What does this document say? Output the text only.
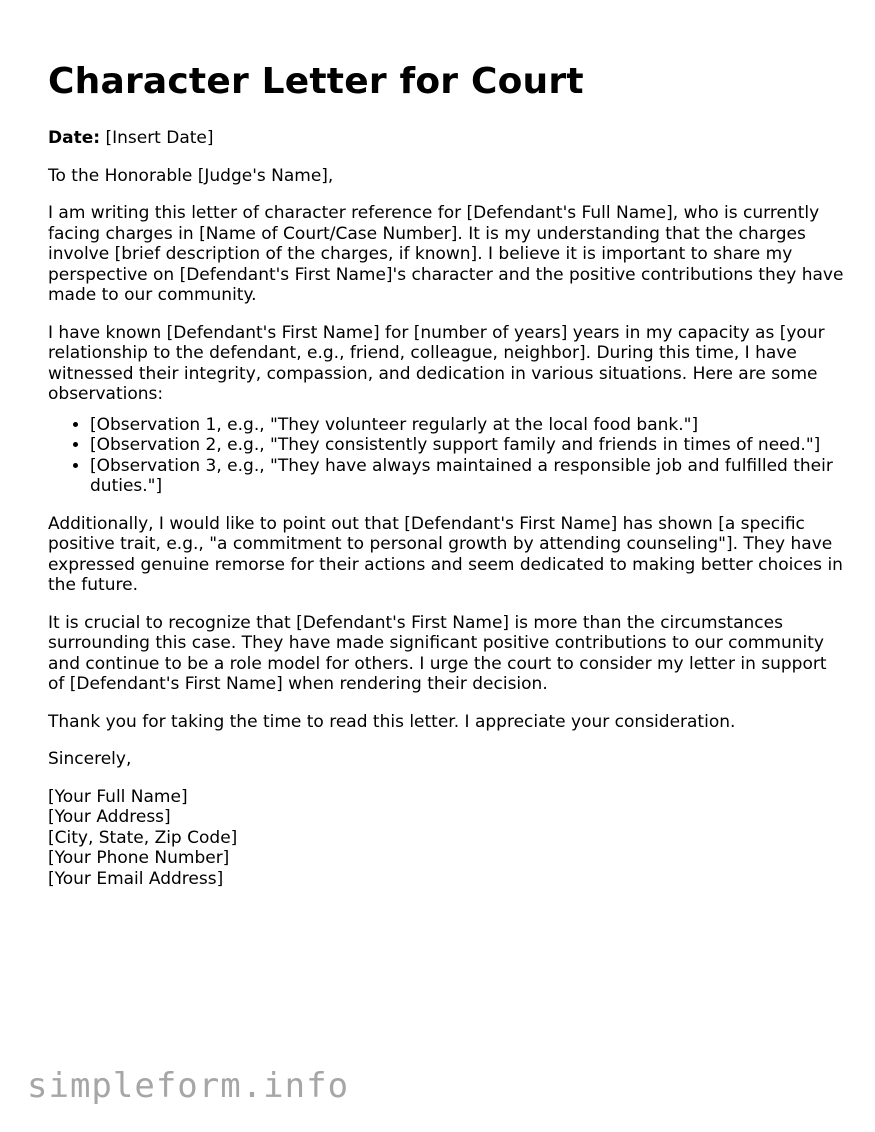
Character Letter for Court

Date: [Insert Date]

To the Honorable [Judge's Name],

I am writing this letter of character reference for [Defendant's Full Name], who is currently facing charges in [Name of Court/Case Number]. It is my understanding that the charges involve [brief description of the charges, if known]. I believe it is important to share my perspective on [Defendant's First Name]'s character and the positive contributions they have made to our community.

I have known [Defendant's First Name] for [number of years] years in my capacity as [your relationship to the defendant, e.g., friend, colleague, neighbor]. During this time, I have witnessed their integrity, compassion, and dedication in various situations. Here are some observations:

• [Observation 1, e.g., "They volunteer regularly at the local food bank."]
• [Observation 2, e.g., "They consistently support family and friends in times of need."]
• [Observation 3, e.g., "They have always maintained a responsible job and fulfilled their duties."]

Additionally, I would like to point out that [Defendant's First Name] has shown [a specific positive trait, e.g., "a commitment to personal growth by attending counseling"]. They have expressed genuine remorse for their actions and seem dedicated to making better choices in the future.

It is crucial to recognize that [Defendant's First Name] is more than the circumstances surrounding this case. They have made significant positive contributions to our community and continue to be a role model for others. I urge the court to consider my letter in support of [Defendant's First Name] when rendering their decision.

Thank you for taking the time to read this letter. I appreciate your consideration.

Sincerely,

[Your Full Name]
[Your Address]
[City, State, Zip Code]
[Your Phone Number]
[Your Email Address]
simpleform.info
